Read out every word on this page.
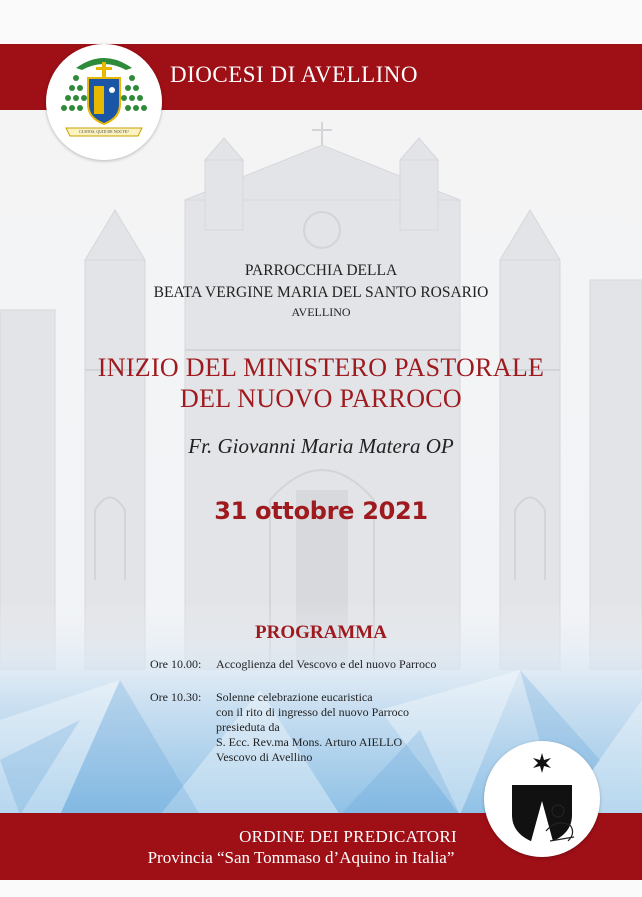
DIOCESI DI AVELLINO
CUSTOS, QUID DE NOCTE?
PARROCCHIA DELLA
BEATA VERGINE MARIA DEL SANTO ROSARIO
AVELLINO
INIZIO DEL MINISTERO PASTORALE
DEL NUOVO PARROCO
Fr. Giovanni Maria Matera OP
31 ottobre 2021
PROGRAMMA
Ore 10.00:	Accoglienza del Vescovo e del nuovo Parroco
Ore 10.30:	Solenne celebrazione eucaristica
con il rito di ingresso del nuovo Parroco
presieduta da
S. Ecc. Rev.ma Mons. Arturo AIELLO
Vescovo di Avellino
ORDINE DEI PREDICATORI
Provincia “San Tommaso d’Aquino in Italia”
